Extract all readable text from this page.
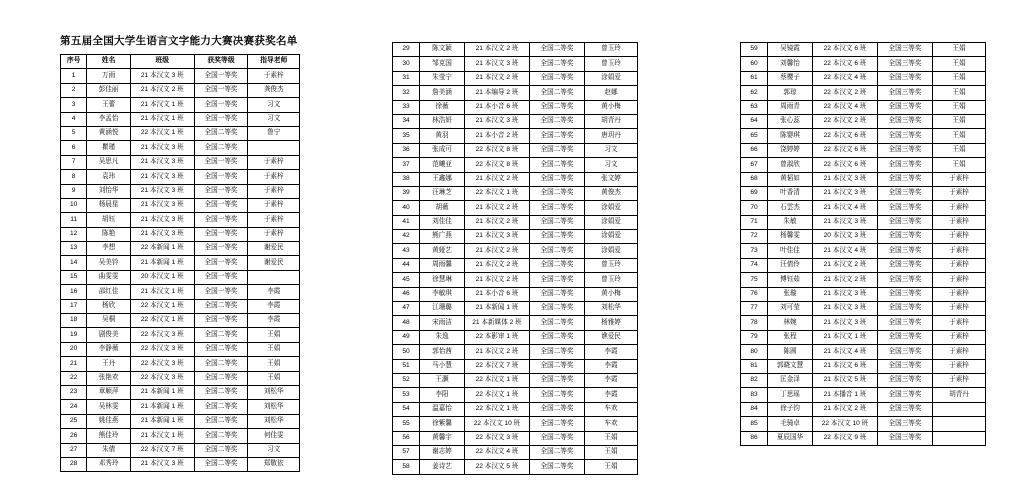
第五届全国大学生语言文字能力大赛决赛获奖名单
序号	姓名	班级	获奖等级	指导老师
1	万雨	21 本汉文 3 班	全国一等奖	于素梓
2	彭佳丽	21 本汉文 2 班	全国一等奖	龚俊杰
3	王蕾	21 本汉文 1 班	全国一等奖	习文
4	李孟怡	21 本汉文 1 班	全国一等奖	习文
5	黄涵悦	22 本汉文 1 班	全国二等奖	鲁宁
6	瞿瑾	21 本汉文 3 班	全国二等奖	
7	吴思凡	21 本汉文 3 班	全国一等奖	于素梓
8	袁玮	21 本汉文 3 班	全国一等奖	于素梓
9	刘怡华	21 本汉文 3 班	全国一等奖	于素梓
10	杨晨星	21 本汉文 3 班	全国一等奖	于素梓
11	胡钰	21 本汉文 3 班	全国一等奖	于素梓
12	陈艳	21 本汉文 3 班	全国一等奖	于素梓
13	李想	22 本新闻 1 班	全国一等奖	谢爱民
14	吴美钤	21 本新闻 1 班	全国一等奖	谢爱民
15	曲雯雯	20 本汉文 1 班	全国一等奖	
16	邵红佳	21 本汉文 1 班	全国一等奖	李霞
17	杨欣	22 本汉文 1 班	全国二等奖	李霞
18	吴桐	22 本汉文 1 班	全国一等奖	李霞
19	剧俊美	22 本汉文 3 班	全国二等奖	王娟
20	李静薇	22 本汉文 3 班	全国二等奖	王娟
21	王丹	22 本汉文 3 班	全国二等奖	王娟
22	张艳欢	22 本汉文 3 班	全国二等奖	王娟
23	章顺萍	21 本新闻 1 班	全国二等奖	刘松华
24	吴林雯	21 本新闻 1 班	全国二等奖	刘松华
25	姚佳燕	21 本新闻 1 班	全国二等奖	刘松华
26	熊佳玲	21 本汉文 1 班	全国二等奖	何佳雯
27	朱倩	22 本汉文 7 班	全国二等奖	习文
28	邓秀玲	21 本汉文 3 班	全国二等奖	郑敬依
29	陈文颖	21 本汉文 2 班	全国二等奖	曾玉玲
30	邹克国	21 本汉文 3 班	全国二等奖	曾玉玲
31	朱莹宁	21 本汉文 2 班	全国二等奖	涂娟爱
32	詹美涵	21 本编导 2 班	全国二等奖	赵娜
33	徐薇	21 本小音 6 班	全国二等奖	黄小梅
34	林浩妍	21 本汉文 3 班	全国二等奖	胡青丹
35	黄羽	21 本小音 2 班	全国二等奖	唐玥丹
36	张成可	22 本汉文 8 班	全国二等奖	习文
37	范曦亚	22 本汉文 8 班	全国二等奖	习文
38	王鑫娜	21 本汉文 2 班	全国二等奖	张文婷
39	汪琳芝	22 本汉文 1 班	全国二等奖	黄俊杰
40	胡薇	21 本汉文 2 班	全国二等奖	涂娟爱
41	刘佳佳	21 本汉文 2 班	全国二等奖	涂娟爱
42	熊广燕	21 本汉文 3 班	全国二等奖	涂娟爱
43	黄娅艺	21 本汉文 2 班	全国二等奖	涂娟爱
44	周雨馨	21 本汉文 2 班	全国二等奖	曾玉玲
45	徐慧琳	21 本汉文 2 班	全国二等奖	曾玉玲
46	李敏琪	21 本小音 6 班	全国二等奖	黄小梅
47	江珊璐	21 本新闻 1 班	全国二等奖	刘松华
48	宋雨洁	21 本新媒体 2 班	全国二等奖	杨雅婷
49	朱逸	22 本影审 1 班	全国二等奖	谯爱民
50	郭怡茜	21 本汉文 2 班	全国二等奖	李霞
51	马小慧	22 本汉文 7 班	全国二等奖	李霞
52	王灏	22 本汉文 1 班	全国二等奖	李霞
53	李阳	22 本汉文 1 班	全国二等奖	李霞
54	温嘉怡	22 本汉文 1 班	全国二等奖	车欢
55	徐紫馨	22 本汉文 10 班	全国二等奖	车欢
56	黄馨宇	22 本汉文 3 班	全国二等奖	王娟
57	谢志婷	22 本汉文 4 班	全国二等奖	王娟
58	姜诗艺	22 本汉文 5 班	全国二等奖	王娟
59	吴镜霞	22 本汉文 6 班	全国三等奖	王娟
60	刘馨怡	22 本汉文 6 班	全国三等奖	王娟
61	蔡樱子	22 本汉文 4 班	全国三等奖	王娟
62	郭琼	22 本汉文 2 班	全国三等奖	王娟
63	周雨青	22 本汉文 4 班	全国三等奖	王娟
64	张心蕊	22 本汉文 2 班	全国三等奖	王娟
65	陈婴琪	22 本汉文 6 班	全国三等奖	王娟
66	饶婷婷	22 本汉文 6 班	全国三等奖	王娟
67	曾淑欣	22 本汉文 6 班	全国三等奖	王娟
68	黄韬如	21 本汉文 3 班	全国三等奖	于素梓
69	叶香清	21 本汉文 3 班	全国三等奖	于素梓
70	石雲杰	21 本汉文 4 班	全国三等奖	于素梓
71	朱敏	21 本汉文 3 班	全国三等奖	于素梓
72	杨馨雯	20 本汉文 3 班	全国三等奖	于素梓
73	叶佳佳	21 本汉文 4 班	全国三等奖	于素梓
74	汪倩伶	21 本汉文 2 班	全国三等奖	于素梓
75	傅钰茹	21 本汉文 2 班	全国三等奖	于素梓
76	张璇	21 本汉文 3 班	全国三等奖	于素梓
77	刘可莹	21 本汉文 3 班	全国三等奖	于素梓
78	林婉	21 本汉文 3 班	全国三等奖	于素梓
79	张程	21 本汉文 1 班	全国三等奖	于素梓
80	陈圆	21 本汉文 4 班	全国三等奖	于素梓
81	郭晓文慧	21 本汉文 6 班	全国三等奖	于素梓
82	匡金泽	21 本汉文 5 班	全国三等奖	于素梓
83	丁思瑶	21 本播音 1 班	全国三等奖	胡青丹
84	徐子钧	21 本汉文 2 班	全国三等奖	
85	毛骑卓	22 本汉文 10 班	全国三等奖	
86	夏辰国华	22 本汉文 9 班	全国三等奖	
